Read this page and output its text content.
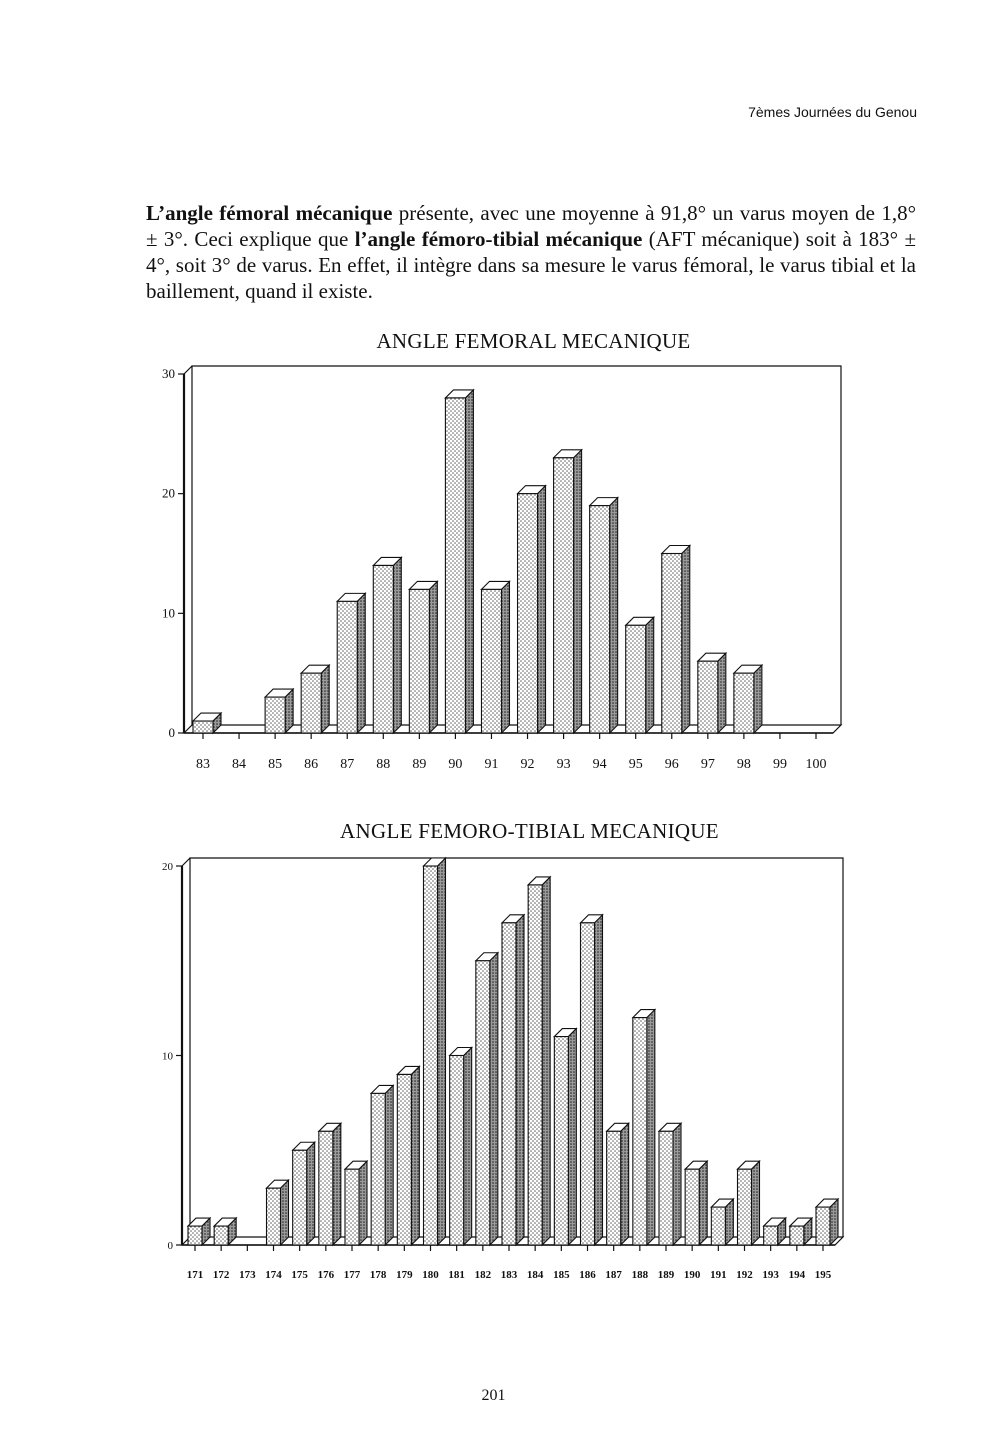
7èmes Journées du Genou

L’angle fémoral mécanique présente, avec une moyenne à 91,8° un varus moyen de 1,8° ± 3°. Ceci explique que l’angle fémoro-tibial mécanique (AFT mécanique) soit à 183° ± 4°, soit 3° de varus. En effet, il intègre dans sa mesure le varus fémoral, le varus tibial et la baillement, quand il existe.

ANGLE FEMORAL MECANIQUE
0
10
20
30
83 84 85 86 87 88 89 90 91 92 93 94 95 96 97 98 99 100
ANGLE FEMORO-TIBIAL MECANIQUE
0
10
20
171 172 173 174 175 176 177 178 179 180 181 182 183 184 185 186 187 188 189 190 191 192 193 194 195
201
